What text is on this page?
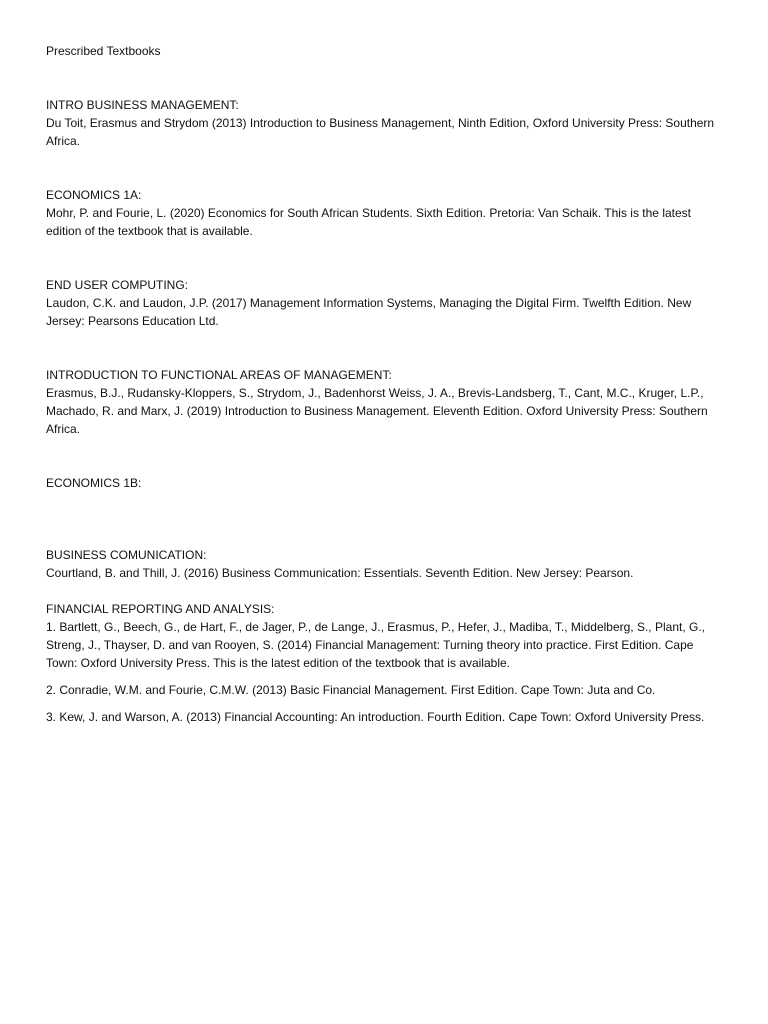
Prescribed Textbooks

INTRO BUSINESS MANAGEMENT:

Du Toit, Erasmus and Strydom (2013) Introduction to Business Management, Ninth Edition, Oxford University Press: Southern Africa.

ECONOMICS 1A:

Mohr, P. and Fourie, L. (2020) Economics for South African Students. Sixth Edition. Pretoria: Van Schaik. This is the latest edition of the textbook that is available.

END USER COMPUTING:

Laudon, C.K. and Laudon, J.P. (2017) Management Information Systems, Managing the Digital Firm. Twelfth Edition. New Jersey: Pearsons Education Ltd.

INTRODUCTION TO FUNCTIONAL AREAS OF MANAGEMENT:

Erasmus, B.J., Rudansky-Kloppers, S., Strydom, J., Badenhorst Weiss, J. A., Brevis-Landsberg, T., Cant, M.C., Kruger, L.P., Machado, R. and Marx, J. (2019) Introduction to Business Management. Eleventh Edition. Oxford University Press: Southern Africa.

ECONOMICS 1B:

BUSINESS COMUNICATION:

Courtland, B. and Thill, J. (2016) Business Communication: Essentials. Seventh Edition. New Jersey: Pearson.

FINANCIAL REPORTING AND ANALYSIS:

1. Bartlett, G., Beech, G., de Hart, F., de Jager, P., de Lange, J., Erasmus, P., Hefer, J., Madiba, T., Middelberg, S., Plant, G., Streng, J., Thayser, D. and van Rooyen, S. (2014) Financial Management: Turning theory into practice. First Edition. Cape Town: Oxford University Press. This is the latest edition of the textbook that is available.

2. Conradie, W.M. and Fourie, C.M.W. (2013) Basic Financial Management. First Edition. Cape Town: Juta and Co.

3. Kew, J. and Warson, A. (2013) Financial Accounting: An introduction. Fourth Edition. Cape Town: Oxford University Press.
